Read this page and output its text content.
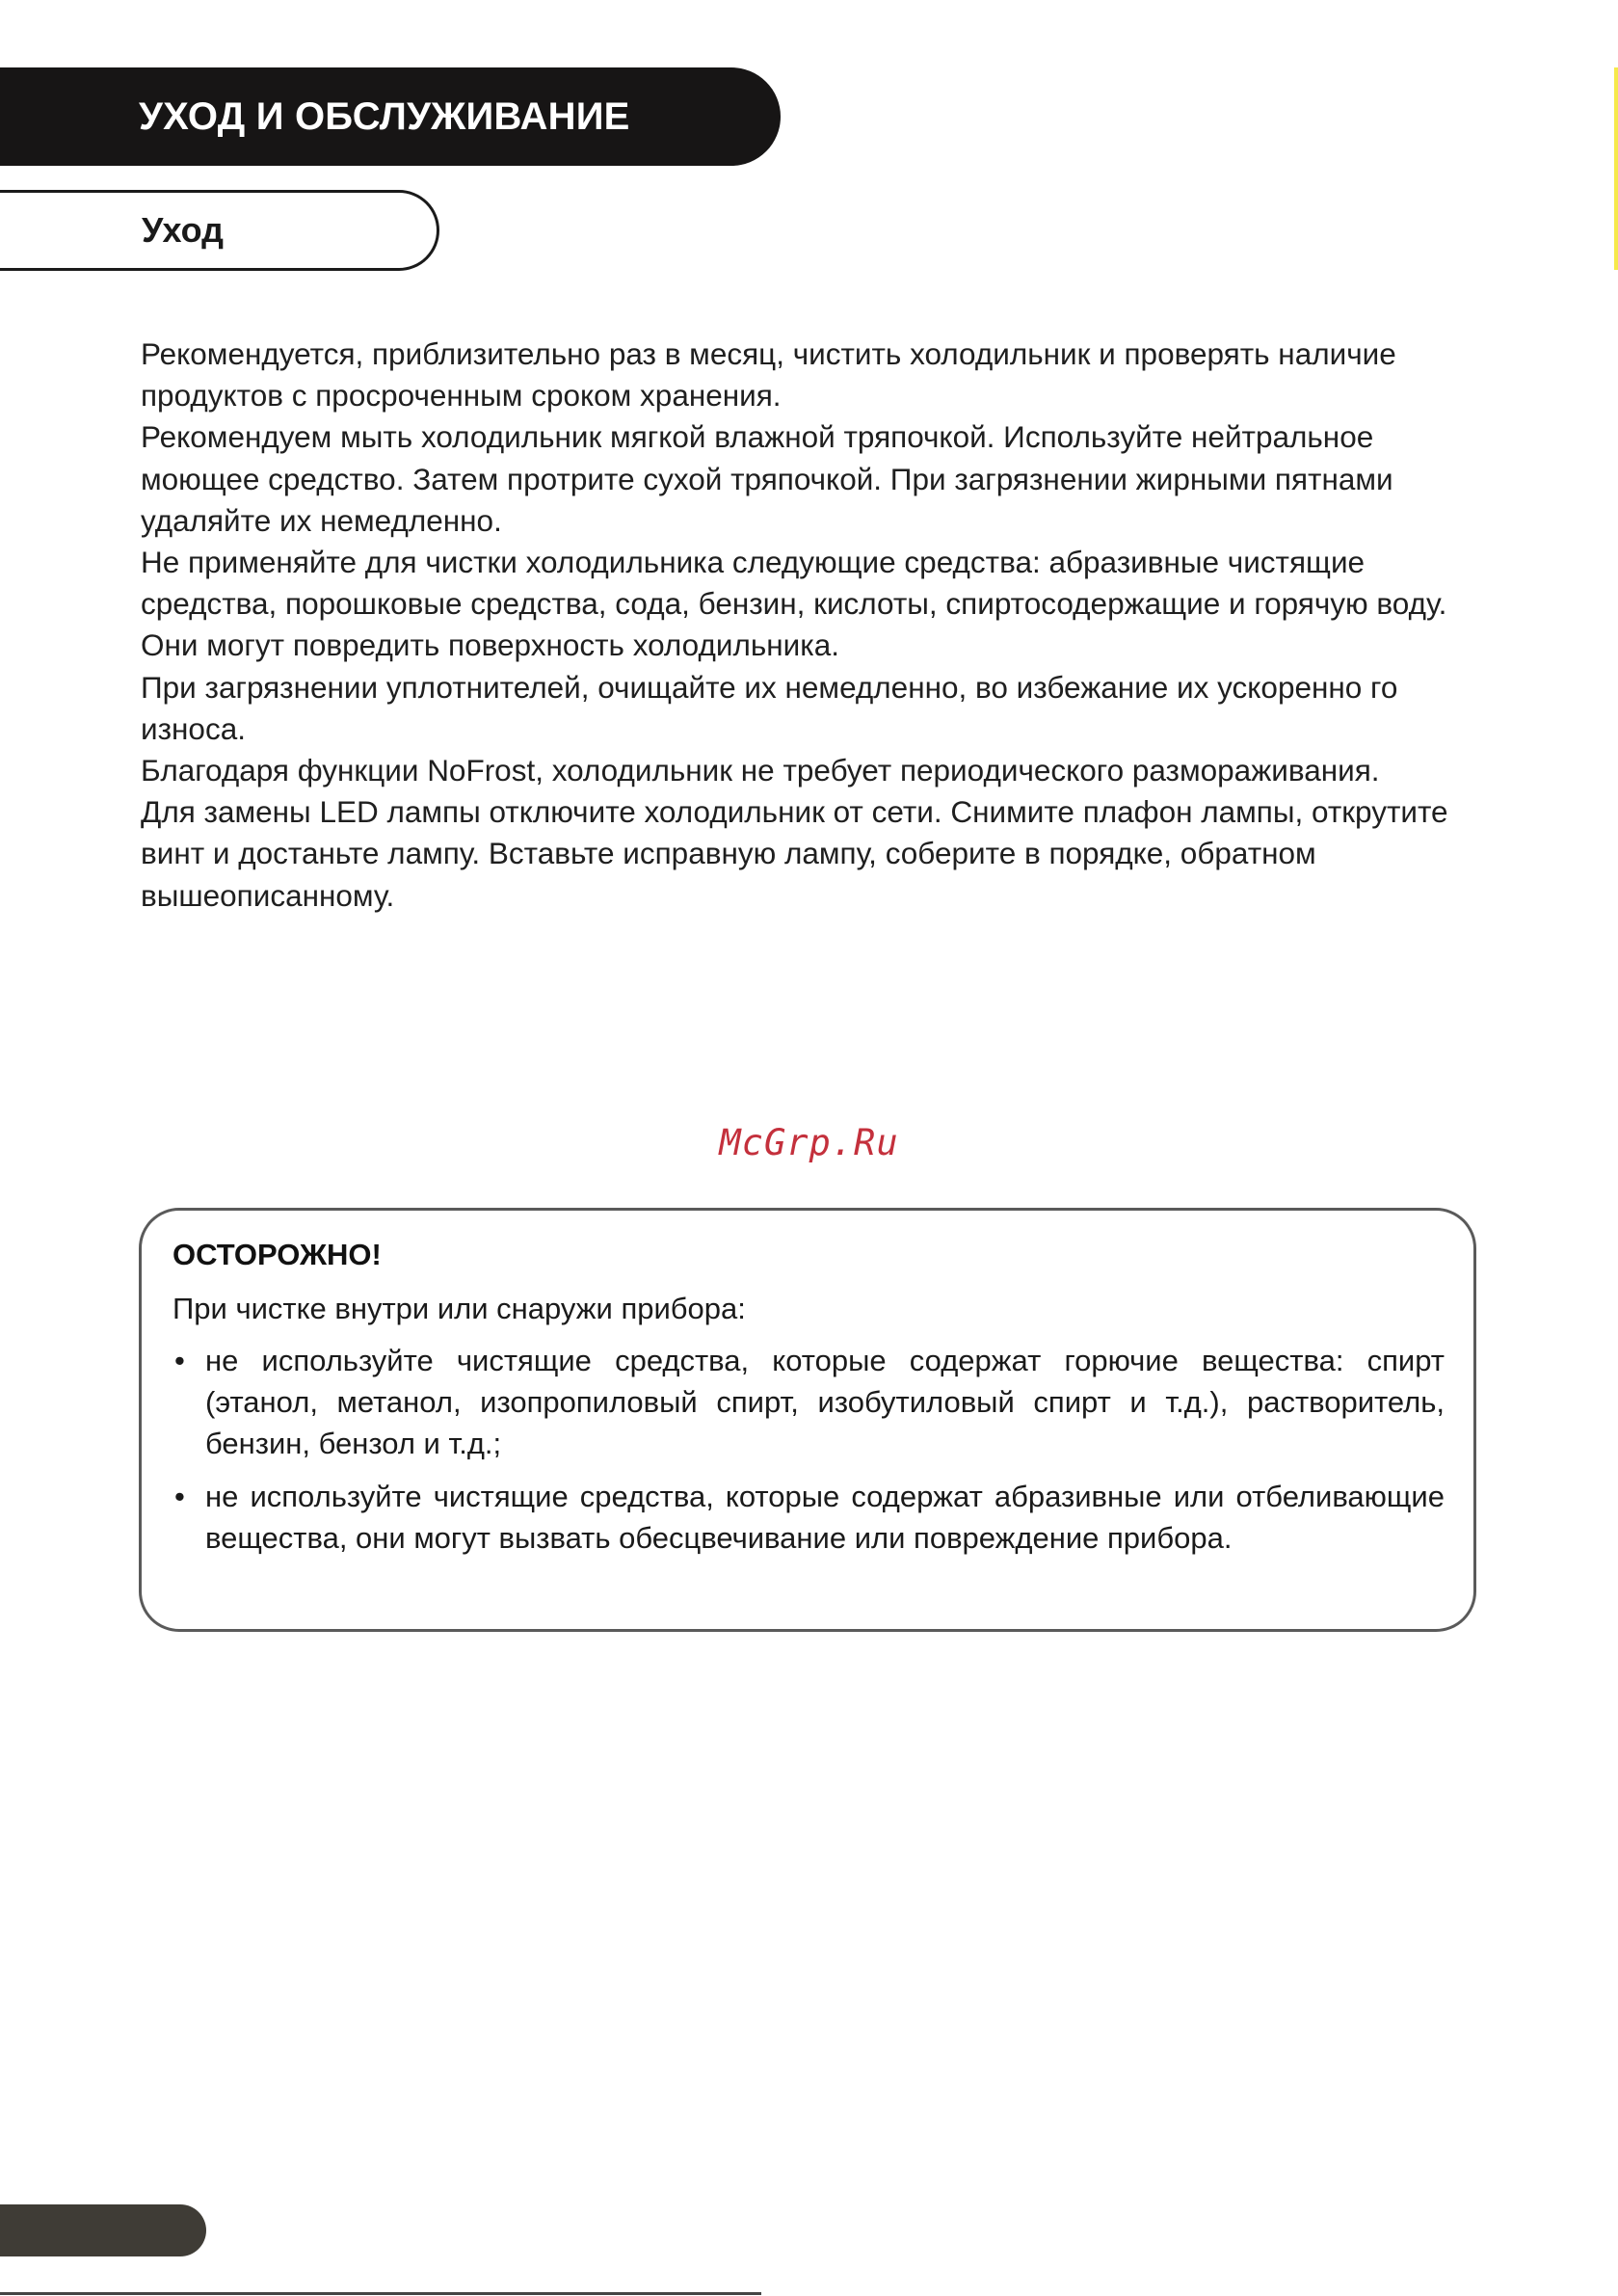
УХОД И ОБСЛУЖИВАНИЕ
Уход

Рекомендуется, приблизительно раз в месяц, чистить холодильник и проверять наличие продуктов с просроченным сроком хранения.

Рекомендуем мыть холодильник мягкой влажной тряпочкой. Используйте нейтральное моющее средство. Затем протрите сухой тряпочкой. При загрязнении жирными пятнами удаляйте их немедленно.

Не применяйте для чистки холодильника следующие средства: абразивные чистящие средства, порошковые средства, сода, бензин, кислоты, спиртосодержащие и горячую воду. Они могут повредить поверхность холодильника.

При загрязнении уплотнителей, очищайте их немедленно, во избежание их ускоренно го износа.

Благодаря функции NoFrost, холодильник не требует периодического размораживания.

Для замены LED лампы отключите холодильник от сети. Снимите плафон лампы, открутите винт и достаньте лампу. Вставьте исправную лампу, соберите в порядке, обратном вышеописанному.

McGrp.Ru
ОСТОРОЖНО!
При чистке внутри или снаружи прибора:
• не используйте чистящие средства, которые содержат горючие вещества: спирт (этанол, метанол, изопропиловый спирт, изобутиловый спирт и т.д.), растворитель, бензин, бензол и т.д.;
• не используйте чистящие средства, которые содержат абразивные или отбеливающие вещества, они могут вызвать обесцвечивание или повреждение прибора.
